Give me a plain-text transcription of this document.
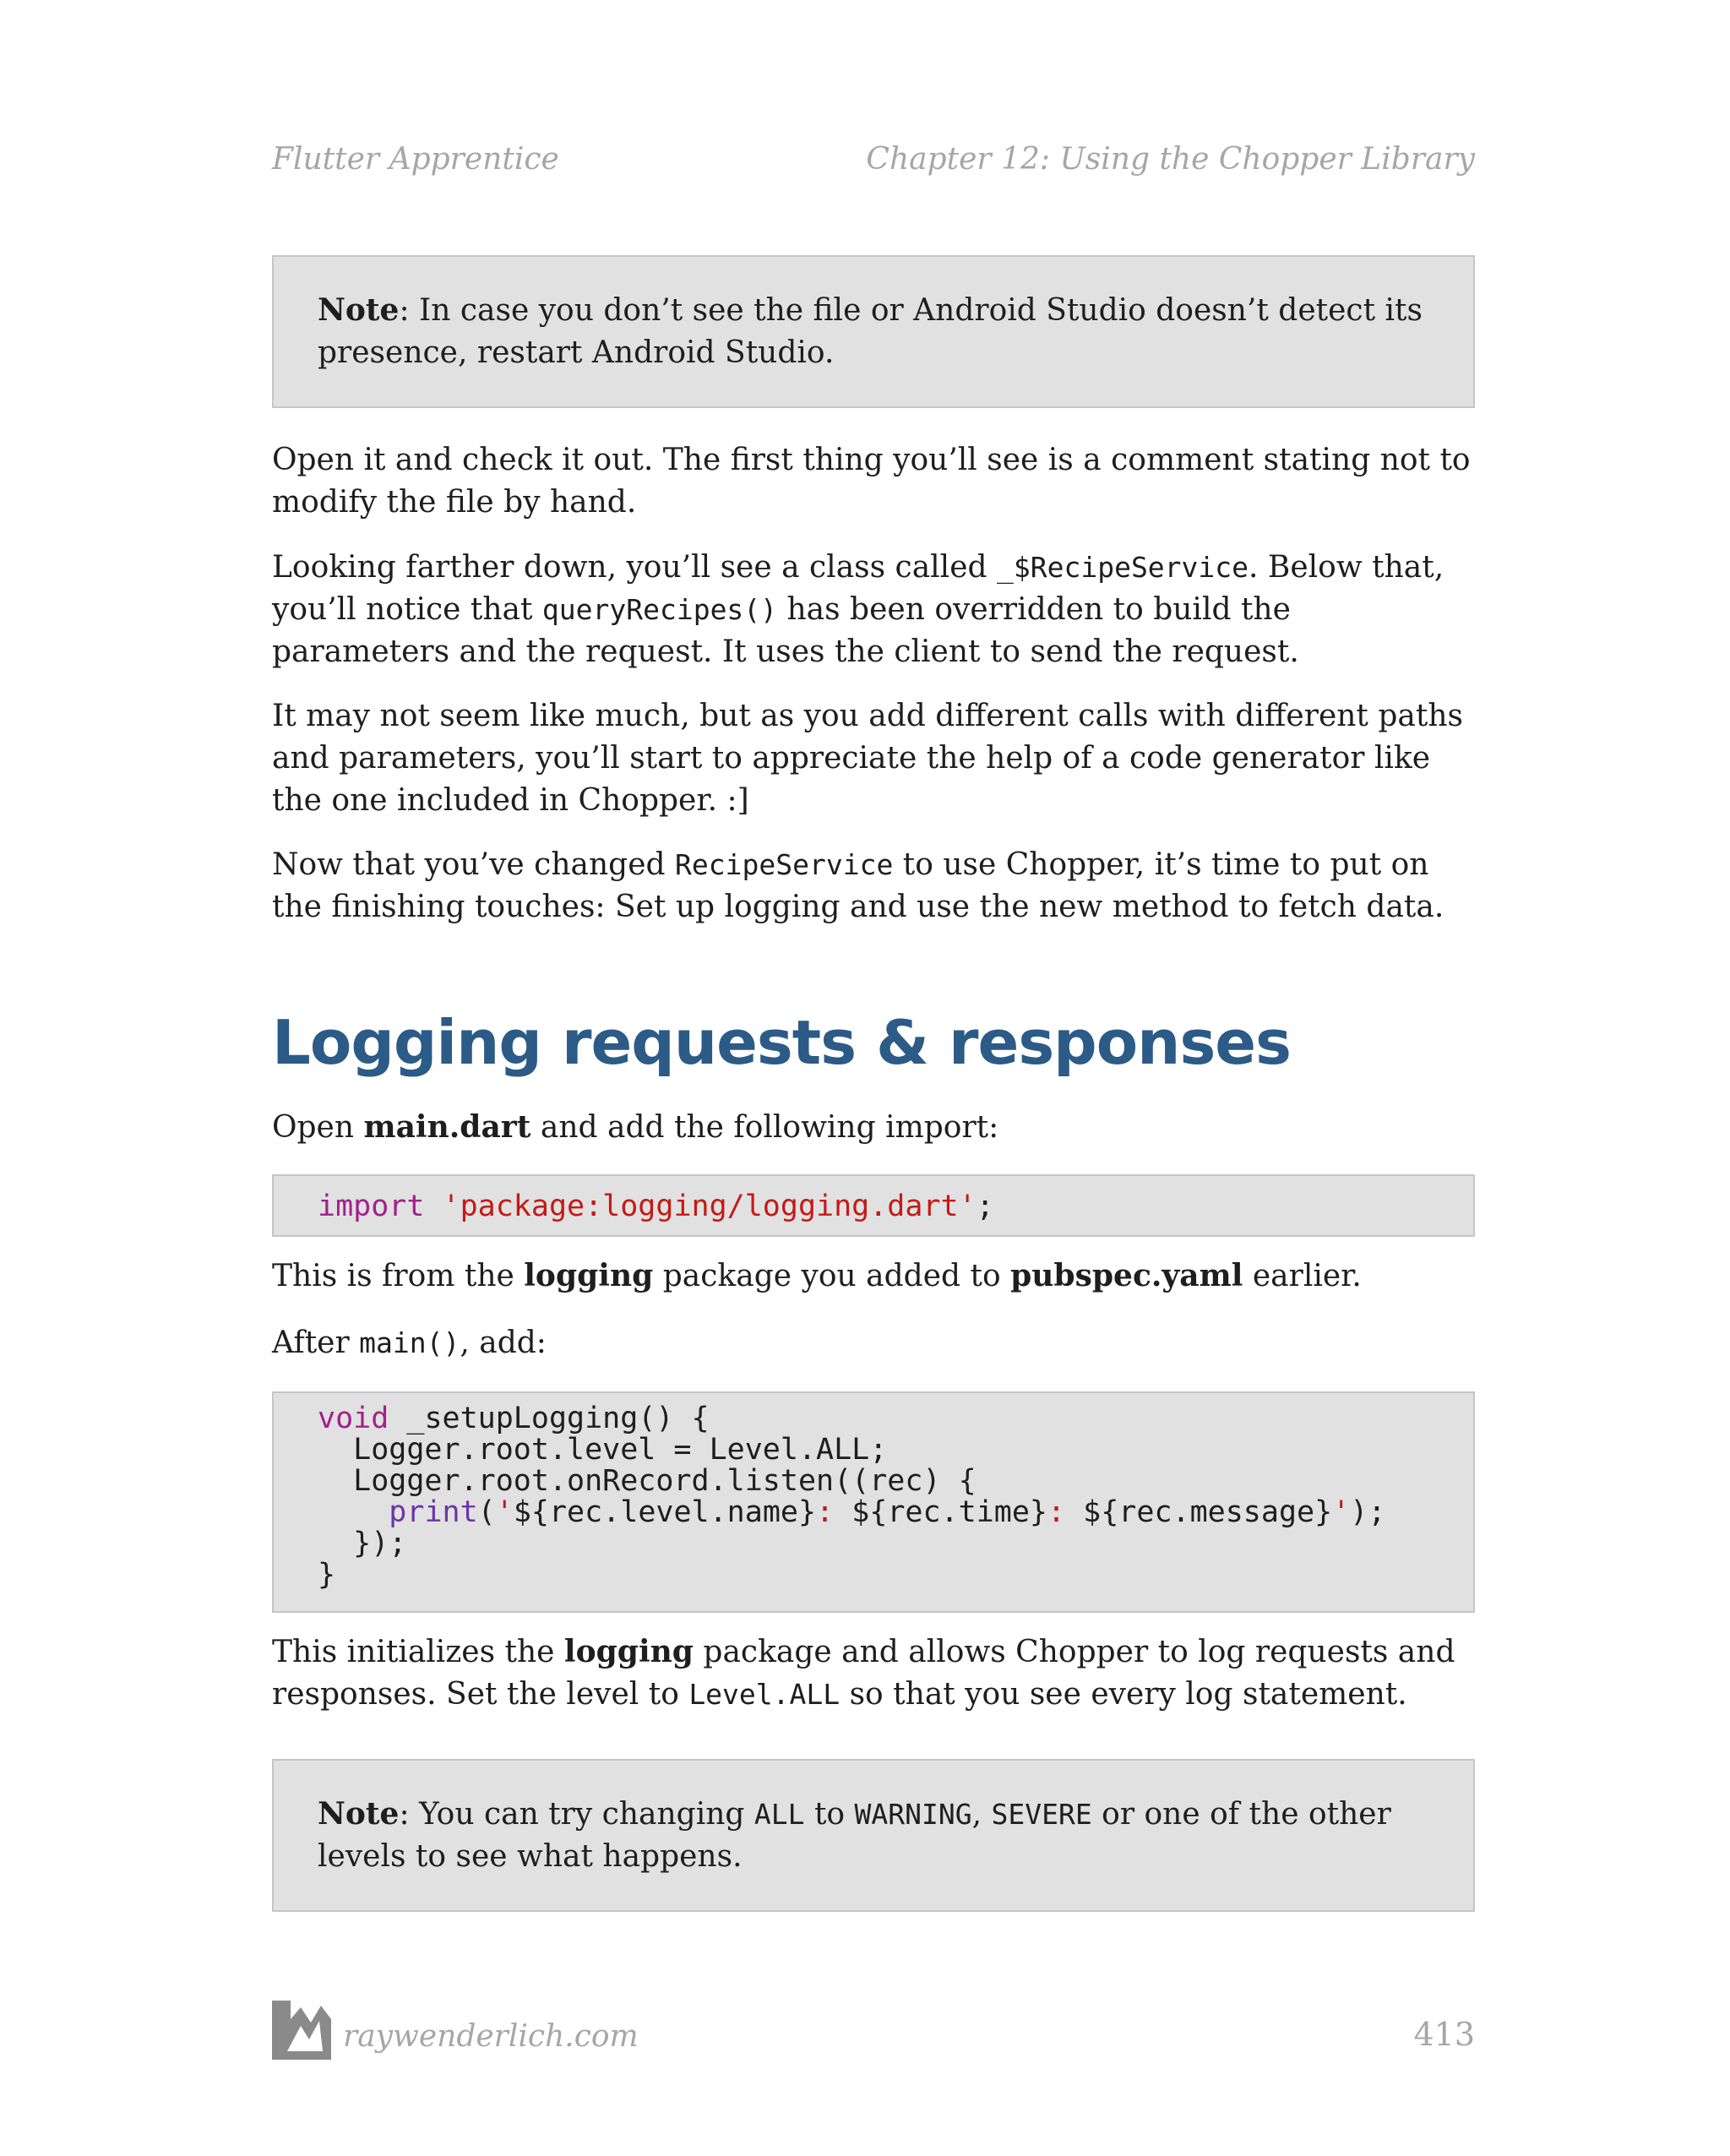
Flutter Apprentice	Chapter 12: Using the Chopper Library
Note: In case you don’t see the file or Android Studio doesn’t detect its presence, restart Android Studio.

Open it and check it out. The first thing you’ll see is a comment stating not to modify the file by hand.

Looking farther down, you’ll see a class called _$RecipeService. Below that, you’ll notice that queryRecipes() has been overridden to build the parameters and the request. It uses the client to send the request.

It may not seem like much, but as you add different calls with different paths and parameters, you’ll start to appreciate the help of a code generator like the one included in Chopper. :]

Now that you’ve changed RecipeService to use Chopper, it’s time to put on the finishing touches: Set up logging and use the new method to fetch data.

Logging requests & responses

Open main.dart and add the following import:

import 'package:logging/logging.dart';

This is from the logging package you added to pubspec.yaml earlier.

After main(), add:

void _setupLogging() {
Logger.root.level = Level.ALL;
Logger.root.onRecord.listen((rec) {
print('${rec.level.name}: ${rec.time}: ${rec.message}');
});
}

This initializes the logging package and allows Chopper to log requests and responses. Set the level to Level.ALL so that you see every log statement.

Note: You can try changing ALL to WARNING, SEVERE or one of the other levels to see what happens.
raywenderlich.com	413
